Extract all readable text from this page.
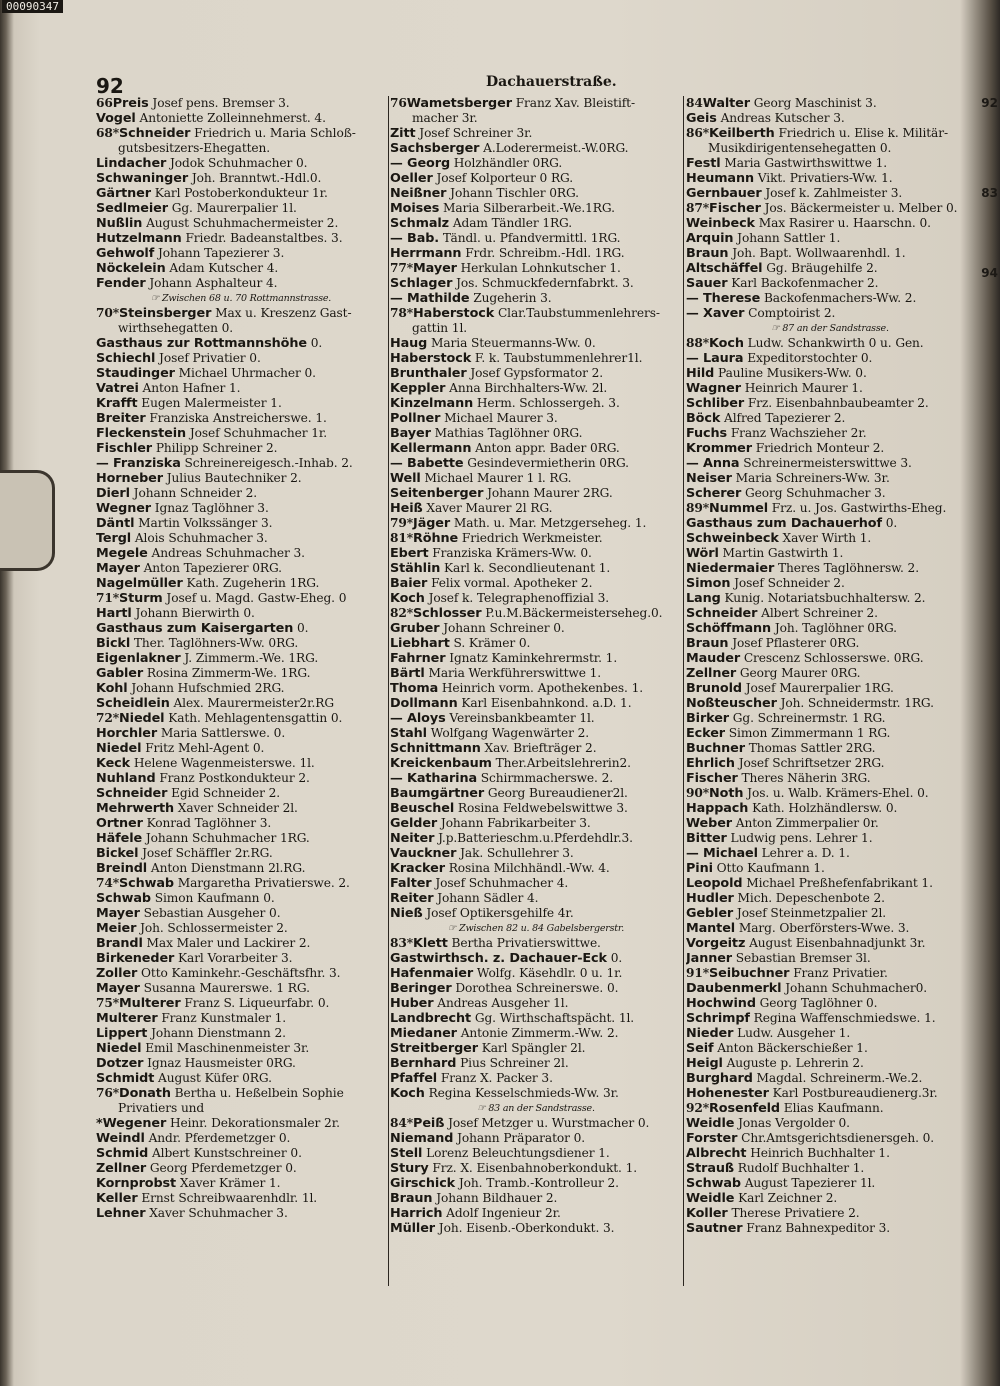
00090347
92	Dachauerstraße.
66Preis Josef pens. Bremser 3.
Vogel Antoniette Zolleinnehmerst. 4.
68*Schneider Friedrich u. Maria Schloß-
gutsbesitzers-Ehegatten.
Lindacher Jodok Schuhmacher 0.
Schwaninger Joh. Branntwt.-Hdl.0.
Gärtner Karl Postoberkondukteur 1r.
Sedlmeier Gg. Maurerpalier 1l.
Nußlin August Schuhmachermeister 2.
Hutzelmann Friedr. Badeanstaltbes. 3.
Gehwolf Johann Tapezierer 3.
Nöckelein Adam Kutscher 4.
Fender Johann Asphalteur 4.
☞ Zwischen 68 u. 70 Rottmannstrasse.
70*Steinsberger Max u. Kreszenz Gast-
wirthsehegatten 0.
Gasthaus zur Rottmannshöhe 0.
Schiechl Josef Privatier 0.
Staudinger Michael Uhrmacher 0.
Vatrei Anton Hafner 1.
Krafft Eugen Malermeister 1.
Breiter Franziska Anstreicherswe. 1.
Fleckenstein Josef Schuhmacher 1r.
Fischler Philipp Schreiner 2.
— Franziska Schreinereigesch.-Inhab. 2.
Horneber Julius Bautechniker 2.
Dierl Johann Schneider 2.
Wegner Ignaz Taglöhner 3.
Däntl Martin Volkssänger 3.
Tergl Alois Schuhmacher 3.
Megele Andreas Schuhmacher 3.
Mayer Anton Tapezierer 0RG.
Nagelmüller Kath. Zugeherin 1RG.
71*Sturm Josef u. Magd. Gastw-Eheg. 0
Hartl Johann Bierwirth 0.
Gasthaus zum Kaisergarten 0.
Bickl Ther. Taglöhners-Ww. 0RG.
Eigenlakner J. Zimmerm.-We. 1RG.
Gabler Rosina Zimmerm-We. 1RG.
Kohl Johann Hufschmied 2RG.
Scheidlein Alex. Maurermeister2r.RG
72*Niedel Kath. Mehlagentensgattin 0.
Horchler Maria Sattlerswe. 0.
Niedel Fritz Mehl-Agent 0.
Keck Helene Wagenmeisterswe. 1l.
Nuhland Franz Postkondukteur 2.
Schneider Egid Schneider 2.
Mehrwerth Xaver Schneider 2l.
Ortner Konrad Taglöhner 3.
Häfele Johann Schuhmacher 1RG.
Bickel Josef Schäffler 2r.RG.
Breindl Anton Dienstmann 2l.RG.
74*Schwab Margaretha Privatierswe. 2.
Schwab Simon Kaufmann 0.
Mayer Sebastian Ausgeher 0.
Meier Joh. Schlossermeister 2.
Brandl Max Maler und Lackirer 2.
Birkeneder Karl Vorarbeiter 3.
Zoller Otto Kaminkehr.-Geschäftsfhr. 3.
Mayer Susanna Maurerswe. 1 RG.
75*Multerer Franz S. Liqueurfabr. 0.
Multerer Franz Kunstmaler 1.
Lippert Johann Dienstmann 2.
Niedel Emil Maschinenmeister 3r.
Dotzer Ignaz Hausmeister 0RG.
Schmidt August Küfer 0RG.
76*Donath Bertha u. Heßelbein Sophie
Privatiers und
*Wegener Heinr. Dekorationsmaler 2r.
Weindl Andr. Pferdemetzger 0.
Schmid Albert Kunstschreiner 0.
Zellner Georg Pferdemetzger 0.
Kornprobst Xaver Krämer 1.
Keller Ernst Schreibwaarenhdlr. 1l.
Lehner Xaver Schuhmacher 3.
76Wametsberger Franz Xav. Bleistift-
macher 3r.
Zitt Josef Schreiner 3r.
Sachsberger A.Loderermeist.-W.0RG.
— Georg Holzhändler 0RG.
Oeller Josef Kolporteur 0 RG.
Neißner Johann Tischler 0RG.
Moises Maria Silberarbeit.-We.1RG.
Schmalz Adam Tändler 1RG.
— Bab. Tändl. u. Pfandvermittl. 1RG.
Herrmann Frdr. Schreibm.-Hdl. 1RG.
77*Mayer Herkulan Lohnkutscher 1.
Schlager Jos. Schmuckfedernfabrkt. 3.
— Mathilde Zugeherin 3.
78*Haberstock Clar.Taubstummenlehrers-
gattin 1l.
Haug Maria Steuermanns-Ww. 0.
Haberstock F. k. Taubstummenlehrer1l.
Brunthaler Josef Gypsformator 2.
Keppler Anna Birchhalters-Ww. 2l.
Kinzelmann Herm. Schlossergeh. 3.
Pollner Michael Maurer 3.
Bayer Mathias Taglöhner 0RG.
Kellermann Anton appr. Bader 0RG.
— Babette Gesindevermietherin 0RG.
Well Michael Maurer 1 l. RG.
Seitenberger Johann Maurer 2RG.
Heiß Xaver Maurer 2l RG.
79*Jäger Math. u. Mar. Metzgerseheg. 1.
81*Röhne Friedrich Werkmeister.
Ebert Franziska Krämers-Ww. 0.
Stählin Karl k. Secondlieutenant 1.
Baier Felix vormal. Apotheker 2.
Koch Josef k. Telegraphenoffizial 3.
82*Schlosser P.u.M.Bäckermeisterseheg.0.
Gruber Johann Schreiner 0.
Liebhart S. Krämer 0.
Fahrner Ignatz Kaminkehrermstr. 1.
Bärtl Maria Werkführerswittwe 1.
Thoma Heinrich vorm. Apothekenbes. 1.
Dollmann Karl Eisenbahnkond. a.D. 1.
— Aloys Vereinsbankbeamter 1l.
Stahl Wolfgang Wagenwärter 2.
Schnittmann Xav. Briefträger 2.
Kreickenbaum Ther.Arbeitslehrerin2.
— Katharina Schirmmacherswe. 2.
Baumgärtner Georg Bureaudiener2l.
Beuschel Rosina Feldwebelswittwe 3.
Gelder Johann Fabrikarbeiter 3.
Neiter J.p.Batterieschm.u.Pferdehdlr.3.
Vauckner Jak. Schullehrer 3.
Kracker Rosina Milchhändl.-Ww. 4.
Falter Josef Schuhmacher 4.
Reiter Johann Sädler 4.
Nieß Josef Optikersgehilfe 4r.
☞ Zwischen 82 u. 84 Gabelsbergerstr.
83*Klett Bertha Privatierswittwe.
Gastwirthsch. z. Dachauer-Eck 0.
Hafenmaier Wolfg. Käsehdlr. 0 u. 1r.
Beringer Dorothea Schreinerswe. 0.
Huber Andreas Ausgeher 1l.
Landbrecht Gg. Wirthschaftspächt. 1l.
Miedaner Antonie Zimmerm.-Ww. 2.
Streitberger Karl Spängler 2l.
Bernhard Pius Schreiner 2l.
Pfaffel Franz X. Packer 3.
Koch Regina Kesselschmieds-Ww. 3r.
☞ 83 an der Sandstrasse.
84*Peiß Josef Metzger u. Wurstmacher 0.
Niemand Johann Präparator 0.
Stell Lorenz Beleuchtungsdiener 1.
Stury Frz. X. Eisenbahnoberkondukt. 1.
Girschick Joh. Tramb.-Kontrolleur 2.
Braun Johann Bildhauer 2.
Harrich Adolf Ingenieur 2r.
Müller Joh. Eisenb.-Oberkondukt. 3.
84Walter Georg Maschinist 3.
Geis Andreas Kutscher 3.
86*Keilberth Friedrich u. Elise k. Militär-
Musikdirigentensehegatten 0.
Festl Maria Gastwirthswittwe 1.
Heumann Vikt. Privatiers-Ww. 1.
Gernbauer Josef k. Zahlmeister 3.
87*Fischer Jos. Bäckermeister u. Melber 0.
Weinbeck Max Rasirer u. Haarschn. 0.
Arquin Johann Sattler 1.
Braun Joh. Bapt. Wollwaarenhdl. 1.
Altschäffel Gg. Bräugehilfe 2.
Sauer Karl Backofenmacher 2.
— Therese Backofenmachers-Ww. 2.
— Xaver Comptoirist 2.
☞ 87 an der Sandstrasse.
88*Koch Ludw. Schankwirth 0 u. Gen.
— Laura Expeditorstochter 0.
Hild Pauline Musikers-Ww. 0.
Wagner Heinrich Maurer 1.
Schliber Frz. Eisenbahnbaubeamter 2.
Böck Alfred Tapezierer 2.
Fuchs Franz Wachszieher 2r.
Krommer Friedrich Monteur 2.
— Anna Schreinermeisterswittwe 3.
Neiser Maria Schreiners-Ww. 3r.
Scherer Georg Schuhmacher 3.
89*Nummel Frz. u. Jos. Gastwirths-Eheg.
Gasthaus zum Dachauerhof 0.
Schweinbeck Xaver Wirth 1.
Wörl Martin Gastwirth 1.
Niedermaier Theres Taglöhnersw. 2.
Simon Josef Schneider 2.
Lang Kunig. Notariatsbuchhaltersw. 2.
Schneider Albert Schreiner 2.
Schöffmann Joh. Taglöhner 0RG.
Braun Josef Pflasterer 0RG.
Mauder Crescenz Schlosserswe. 0RG.
Zellner Georg Maurer 0RG.
Brunold Josef Maurerpalier 1RG.
Noßteuscher Joh. Schneidermstr. 1RG.
Birker Gg. Schreinermstr. 1 RG.
Ecker Simon Zimmermann 1 RG.
Buchner Thomas Sattler 2RG.
Ehrlich Josef Schriftsetzer 2RG.
Fischer Theres Näherin 3RG.
90*Noth Jos. u. Walb. Krämers-Ehel. 0.
Happach Kath. Holzhändlersw. 0.
Weber Anton Zimmerpalier 0r.
Bitter Ludwig pens. Lehrer 1.
— Michael Lehrer a. D. 1.
Pini Otto Kaufmann 1.
Leopold Michael Preßhefenfabrikant 1.
Hudler Mich. Depeschenbote 2.
Gebler Josef Steinmetzpalier 2l.
Mantel Marg. Oberförsters-Wwe. 3.
Vorgeitz August Eisenbahnadjunkt 3r.
Janner Sebastian Bremser 3l.
91*Seibuchner Franz Privatier.
Daubenmerkl Johann Schuhmacher0.
Hochwind Georg Taglöhner 0.
Schrimpf Regina Waffenschmiedswe. 1.
Nieder Ludw. Ausgeher 1.
Seif Anton Bäckerschießer 1.
Heigl Auguste p. Lehrerin 2.
Burghard Magdal. Schreinerm.-We.2.
Hohenester Karl Postbureaudienerg.3r.
92*Rosenfeld Elias Kaufmann.
Weidle Jonas Vergolder 0.
Forster Chr.Amtsgerichtsdienersgeh. 0.
Albrecht Heinrich Buchhalter 1.
Strauß Rudolf Buchhalter 1.
Schwab August Tapezierer 1l.
Weidle Karl Zeichner 2.
Koller Therese Privatiere 2.
Sautner Franz Bahnexpeditor 3.
92
83
94
